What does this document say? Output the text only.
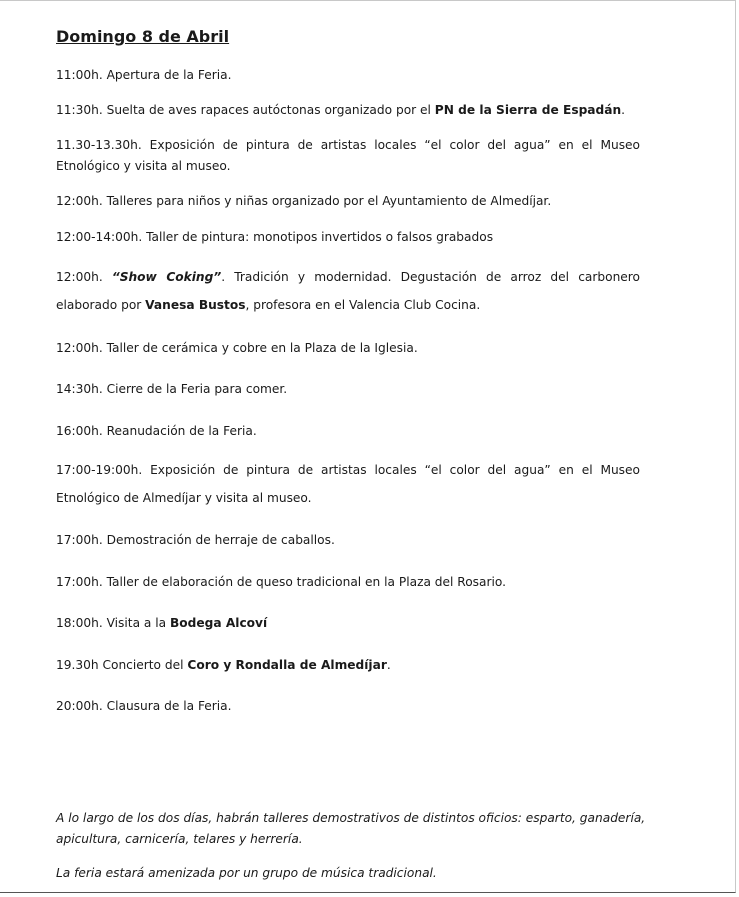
Domingo 8 de Abril
11:00h. Apertura de la Feria.
11:30h. Suelta de aves rapaces autóctonas organizado por el PN de la Sierra de Espadán.
11.30-13.30h. Exposición de pintura de artistas locales “el color del agua” en el Museo Etnológico y visita al museo.
12:00h. Talleres para niños y niñas organizado por el Ayuntamiento de Almedíjar.
12:00-14:00h. Taller de pintura: monotipos invertidos o falsos grabados
12:00h. “Show Coking”. Tradición y modernidad. Degustación de arroz del carbonero elaborado por Vanesa Bustos, profesora en el Valencia Club Cocina.
12:00h. Taller de cerámica y cobre en la Plaza de la Iglesia.
14:30h. Cierre de la Feria para comer.
16:00h. Reanudación de la Feria.
17:00-19:00h. Exposición de pintura de artistas locales “el color del agua” en el Museo Etnológico de Almedíjar y visita al museo.
17:00h. Demostración de herraje de caballos.
17:00h. Taller de elaboración de queso tradicional en la Plaza del Rosario.
18:00h. Visita a la Bodega Alcoví
19.30h Concierto del Coro y Rondalla de Almedíjar.
20:00h. Clausura de la Feria.
A lo largo de los dos días, habrán talleres demostrativos de distintos oficios: esparto, ganadería, apicultura, carnicería, telares y herrería.
La feria estará amenizada por un grupo de música tradicional.
